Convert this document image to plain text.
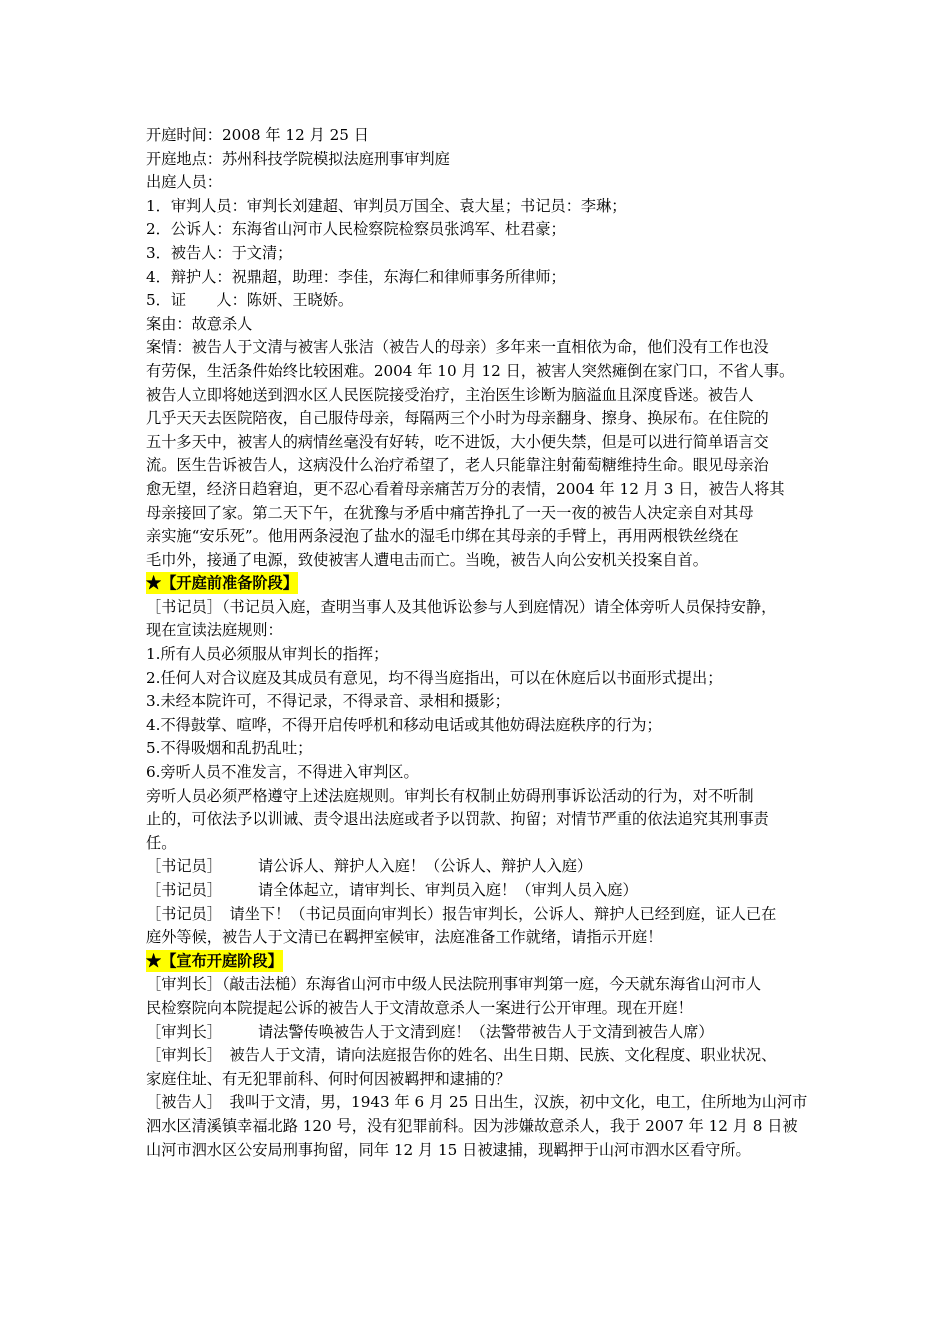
开庭时间：2008 年 12 月 25 日
开庭地点：苏州科技学院模拟法庭刑事审判庭
出庭人员：
1．审判人员：审判长刘建超、审判员万国全、袁大星；书记员：李琳；
2．公诉人：东海省山河市人民检察院检察员张鸿军、杜君豪；
3．被告人：于文清；
4．辩护人：祝鼎超，助理：李佳，东海仁和律师事务所律师；
5．证　　人：陈妍、王晓娇。
案由：故意杀人
案情：被告人于文清与被害人张洁（被告人的母亲）多年来一直相依为命，他们没有工作也没
有劳保，生活条件始终比较困难。2004 年 10 月 12 日，被害人突然瘫倒在家门口，不省人事。
被告人立即将她送到泗水区人民医院接受治疗，主治医生诊断为脑溢血且深度昏迷。被告人
几乎天天去医院陪夜，自己服侍母亲，每隔两三个小时为母亲翻身、擦身、换尿布。在住院的
五十多天中，被害人的病情丝毫没有好转，吃不进饭，大小便失禁，但是可以进行简单语言交
流。医生告诉被告人，这病没什么治疗希望了，老人只能靠注射葡萄糖维持生命。眼见母亲治
愈无望，经济日趋窘迫，更不忍心看着母亲痛苦万分的表情，2004 年 12 月 3 日，被告人将其
母亲接回了家。第二天下午，在犹豫与矛盾中痛苦挣扎了一天一夜的被告人决定亲自对其母
亲实施“安乐死”。他用两条浸泡了盐水的湿毛巾绑在其母亲的手臂上，再用两根铁丝绕在
毛巾外，接通了电源，致使被害人遭电击而亡。当晚，被告人向公安机关投案自首。
★【开庭前准备阶段】
［书记员］（书记员入庭，查明当事人及其他诉讼参与人到庭情况）请全体旁听人员保持安静，
现在宣读法庭规则：
1.所有人员必须服从审判长的指挥；
2.任何人对合议庭及其成员有意见，均不得当庭指出，可以在休庭后以书面形式提出；
3.未经本院许可，不得记录，不得录音、录相和摄影；
4.不得鼓掌、喧哗，不得开启传呼机和移动电话或其他妨碍法庭秩序的行为；
5.不得吸烟和乱扔乱吐；
6.旁听人员不准发言，不得进入审判区。
旁听人员必须严格遵守上述法庭规则。审判长有权制止妨碍刑事诉讼活动的行为，对不听制
止的，可依法予以训诫、责令退出法庭或者予以罚款、拘留；对情节严重的依法追究其刑事责
任。
［书记员］ 请公诉人、辩护人入庭！（公诉人、辩护人入庭）
［书记员］ 请全体起立，请审判长、审判员入庭！（审判人员入庭）
［书记员］　请坐下！（书记员面向审判长）报告审判长，公诉人、辩护人已经到庭，证人已在
庭外等候，被告人于文清已在羁押室候审，法庭准备工作就绪，请指示开庭！
★【宣布开庭阶段】
［审判长］（敲击法槌）东海省山河市中级人民法院刑事审判第一庭，今天就东海省山河市人
民检察院向本院提起公诉的被告人于文清故意杀人一案进行公开审理。现在开庭！
［审判长］ 请法警传唤被告人于文清到庭！（法警带被告人于文清到被告人席）
［审判长］　被告人于文清，请向法庭报告你的姓名、出生日期、民族、文化程度、职业状况、
家庭住址、有无犯罪前科、何时何因被羁押和逮捕的？
［被告人］　我叫于文清，男，1943 年 6 月 25 日出生，汉族，初中文化，电工，住所地为山河市
泗水区清溪镇幸福北路 120 号，没有犯罪前科。因为涉嫌故意杀人，我于 2007 年 12 月 8 日被
山河市泗水区公安局刑事拘留，同年 12 月 15 日被逮捕，现羁押于山河市泗水区看守所。
